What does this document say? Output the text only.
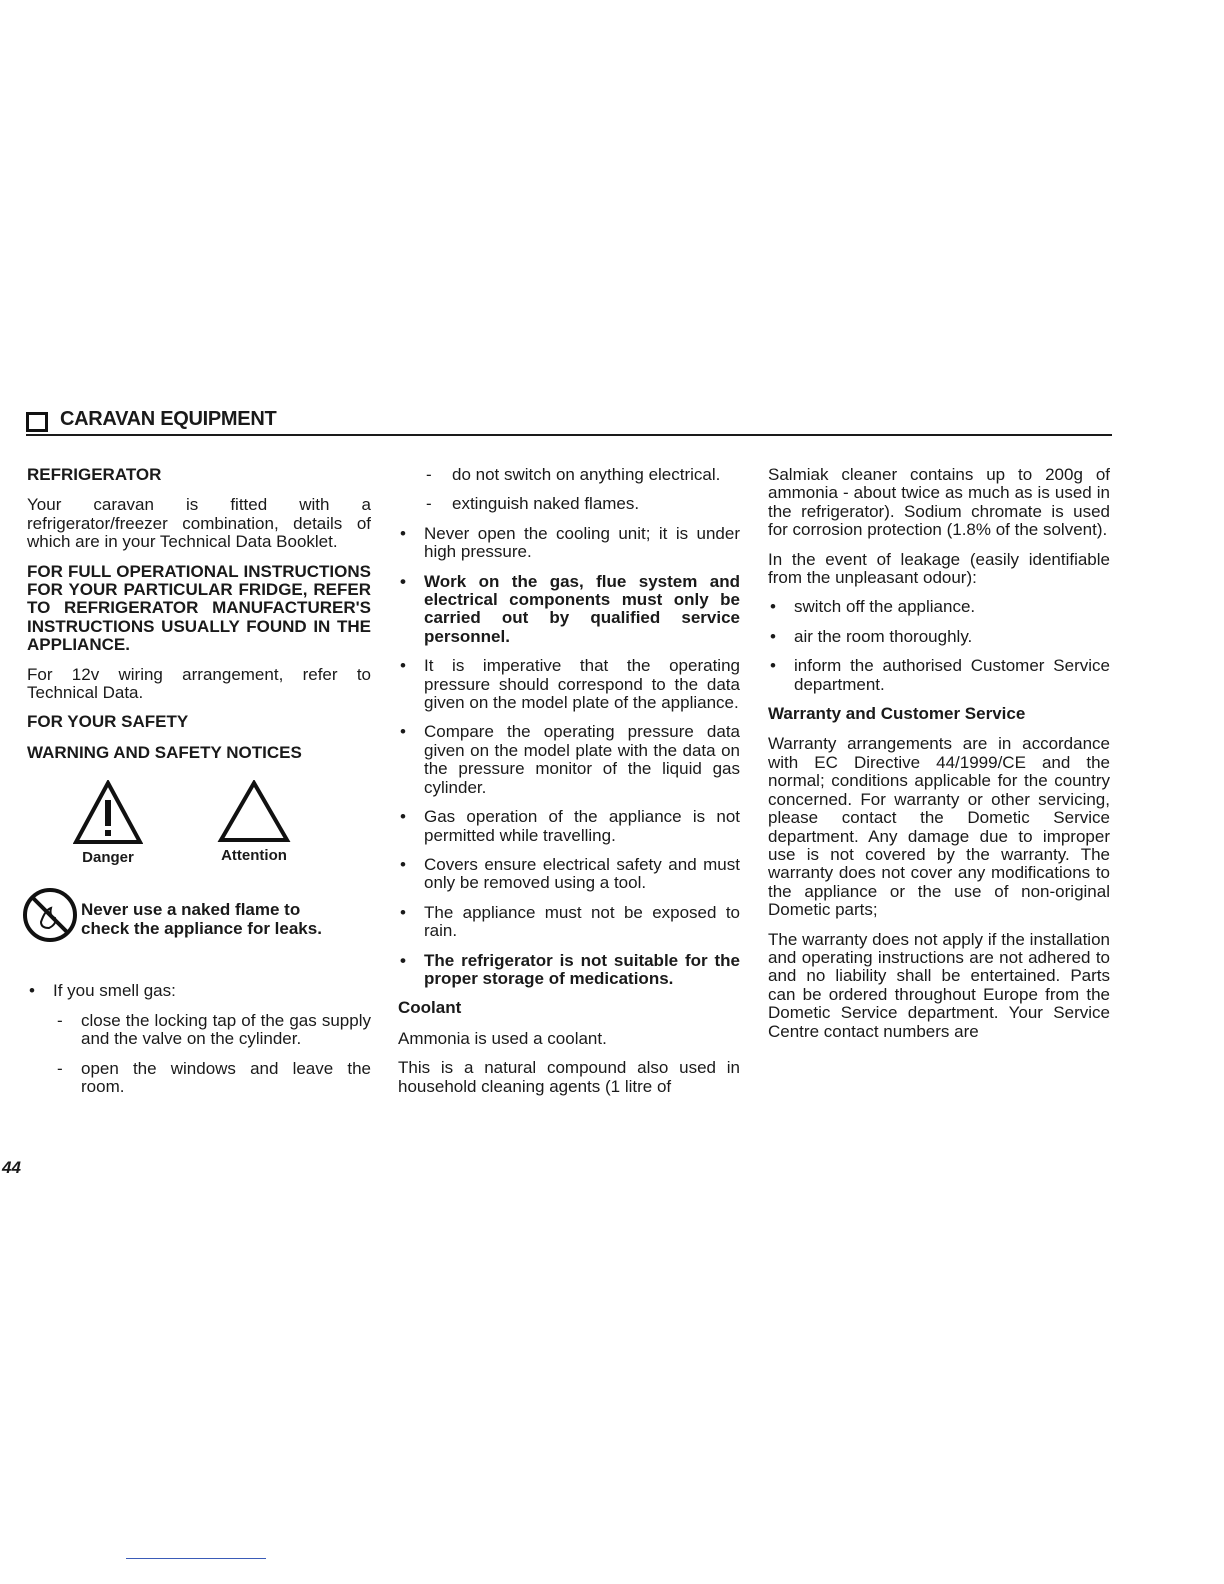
CARAVAN EQUIPMENT

REFRIGERATOR

Your caravan is fitted with a refrigerator/freezer combination, details of which are in your Technical Data Booklet.

FOR FULL OPERATIONAL INSTRUCTIONS FOR YOUR PARTICULAR FRIDGE, REFER TO REFRIGERATOR MANUFACTURER'S INSTRUCTIONS USUALLY FOUND IN THE APPLIANCE.

For 12v wiring arrangement, refer to Technical Data.

FOR YOUR SAFETY

WARNING AND SAFETY NOTICES

Danger	Attention
Never use a naked flame to
check the appliance for leaks.

• If you smell gas:

- close the locking tap of the gas supply and the valve on the cylinder.

- open the windows and leave the room.

- do not switch on anything electrical.

- extinguish naked flames.

• Never open the cooling unit; it is under high pressure.

• Work on the gas, flue system and electrical components must only be carried out by qualified service personnel.

• It is imperative that the operating pressure should correspond to the data given on the model plate of the appliance.

• Compare the operating pressure data given on the model plate with the data on the pressure monitor of the liquid gas cylinder.

• Gas operation of the appliance is not permitted while travelling.

• Covers ensure electrical safety and must only be removed using a tool.

• The appliance must not be exposed to rain.

• The refrigerator is not suitable for the proper storage of medications.

Coolant

Ammonia is used a coolant.

This is a natural compound also used in household cleaning agents (1 litre of

Salmiak cleaner contains up to 200g of ammonia - about twice as much as is used in the refrigerator). Sodium chromate is used for corrosion protection (1.8% of the solvent).

In the event of leakage (easily identifiable from the unpleasant odour):

• switch off the appliance.

• air the room thoroughly.

• inform the authorised Customer Service department.

Warranty and Customer Service

Warranty arrangements are in accordance with EC Directive 44/1999/CE and the normal; conditions applicable for the country concerned. For warranty or other servicing, please contact the Dometic Service department. Any damage due to improper use is not covered by the warranty. The warranty does not cover any modifications to the appliance or the use of non-original Dometic parts;

The warranty does not apply if the installation and operating instructions are not adhered to and no liability shall be entertained. Parts can be ordered throughout Europe from the Dometic Service department. Your Service Centre contact numbers are

44
